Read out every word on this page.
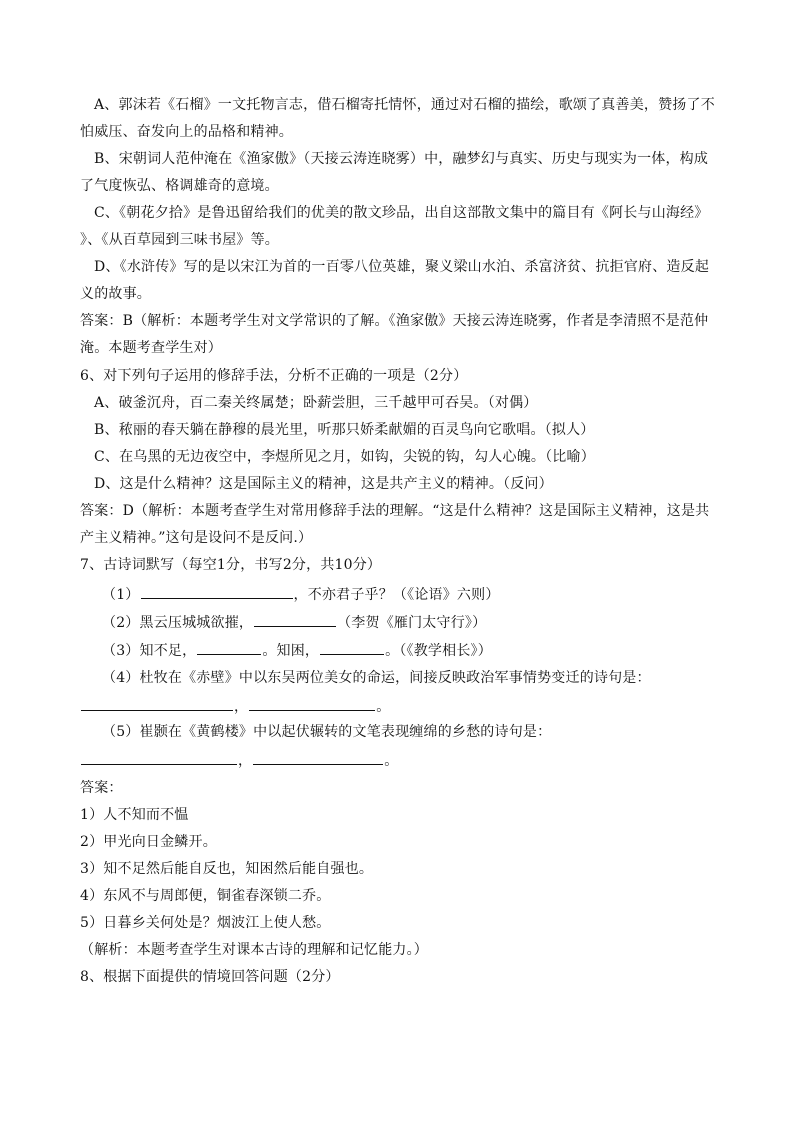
A、郭沫若《石榴》一文托物言志，借石榴寄托情怀，通过对石榴的描绘，歌颂了真善美，赞扬了不
怕威压、奋发向上的品格和精神。
B、宋朝词人范仲淹在《渔家傲》（天接云涛连晓雾）中，融梦幻与真实、历史与现实为一体，构成
了气度恢弘、格调雄奇的意境。
C、《朝花夕拾》是鲁迅留给我们的优美的散文珍品，出自这部散文集中的篇目有《阿长与山海经》
》、《从百草园到三味书屋》等。
D、《水浒传》写的是以宋江为首的一百零八位英雄，聚义梁山水泊、杀富济贫、抗拒官府、造反起
义的故事。
答案：B（解析：本题考学生对文学常识的了解。《渔家傲》天接云涛连晓雾，作者是李清照不是范仲
淹。本题考查学生对）
6、对下列句子运用的修辞手法，分析不正确的一项是（2分）
A、破釜沉舟，百二秦关终属楚；卧薪尝胆，三千越甲可吞吴。（对偶）
B、秾丽的春天躺在静穆的晨光里，听那只娇柔献媚的百灵鸟向它歌唱。（拟人）
C、在乌黑的无边夜空中，李煜所见之月，如钩，尖锐的钩，勾人心魄。（比喻）
D、这是什么精神？这是国际主义的精神，这是共产主义的精神。（反问）
答案：D（解析：本题考查学生对常用修辞手法的理解。“这是什么精神？这是国际主义精神，这是共
产主义精神。”这句是设问不是反问.）
7、古诗词默写（每空1分，书写2分，共10分）
（1）	，不亦君子乎？（《论语》六则）
（2）黑云压城城欲摧，	（李贺《雁门太守行》）
（3）知不足，	。知困，	。（《教学相长》）
（4）杜牧在《赤壁》中以东吴两位美女的命运，间接反映政治军事情势变迁的诗句是：
，	。
（5）崔颢在《黄鹤楼》中以起伏辗转的文笔表现缠绵的乡愁的诗句是：
，	。
答案：
1）人不知而不愠
2）甲光向日金鳞开。
3）知不足然后能自反也，知困然后能自强也。
4）东风不与周郎便，铜雀春深锁二乔。
5）日暮乡关何处是？烟波江上使人愁。
（解析：本题考查学生对课本古诗的理解和记忆能力。）
8、根据下面提供的情境回答问题（2分）
